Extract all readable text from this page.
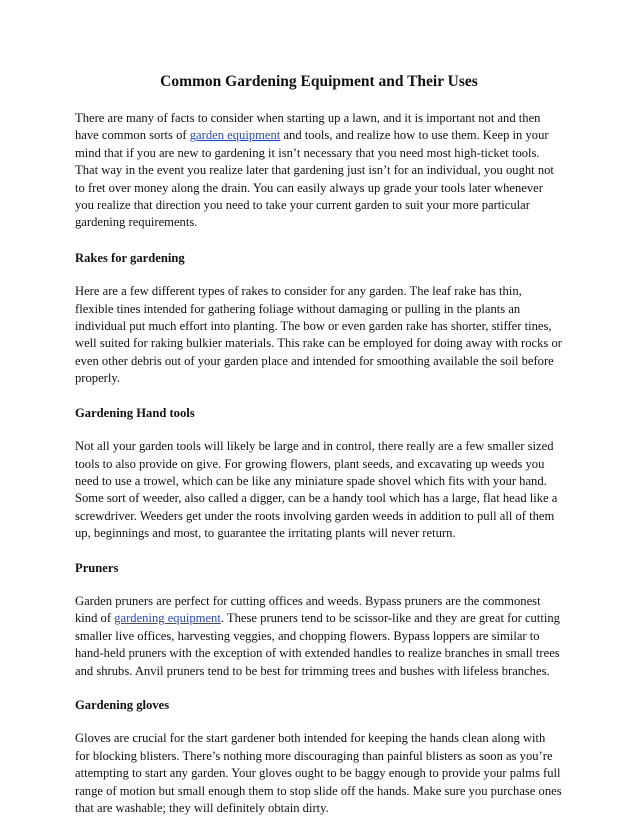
Common Gardening Equipment and Their Uses

There are many of facts to consider when starting up a lawn, and it is important not and then have common sorts of garden equipment and tools, and realize how to use them. Keep in your mind that if you are new to gardening it isn’t necessary that you need most high-ticket tools. That way in the event you realize later that gardening just isn’t for an individual, you ought not to fret over money along the drain. You can easily always up grade your tools later whenever you realize that direction you need to take your current garden to suit your more particular gardening requirements.

Rakes for gardening

Here are a few different types of rakes to consider for any garden. The leaf rake has thin, flexible tines intended for gathering foliage without damaging or pulling in the plants an individual put much effort into planting. The bow or even garden rake has shorter, stiffer tines, well suited for raking bulkier materials. This rake can be employed for doing away with rocks or even other debris out of your garden place and intended for smoothing available the soil before properly.

Gardening Hand tools

Not all your garden tools will likely be large and in control, there really are a few smaller sized tools to also provide on give. For growing flowers, plant seeds, and excavating up weeds you need to use a trowel, which can be like any miniature spade shovel which fits with your hand. Some sort of weeder, also called a digger, can be a handy tool which has a large, flat head like a screwdriver. Weeders get under the roots involving garden weeds in addition to pull all of them up, beginnings and most, to guarantee the irritating plants will never return.

Pruners

Garden pruners are perfect for cutting offices and weeds. Bypass pruners are the commonest kind of gardening equipment. These pruners tend to be scissor-like and they are great for cutting smaller live offices, harvesting veggies, and chopping flowers. Bypass loppers are similar to hand-held pruners with the exception of with extended handles to realize branches in small trees and shrubs. Anvil pruners tend to be best for trimming trees and bushes with lifeless branches.

Gardening gloves

Gloves are crucial for the start gardener both intended for keeping the hands clean along with for blocking blisters. There’s nothing more discouraging than painful blisters as soon as you’re attempting to start any garden. Your gloves ought to be baggy enough to provide your palms full range of motion but small enough them to stop slide off the hands. Make sure you purchase ones that are washable; they will definitely obtain dirty.
